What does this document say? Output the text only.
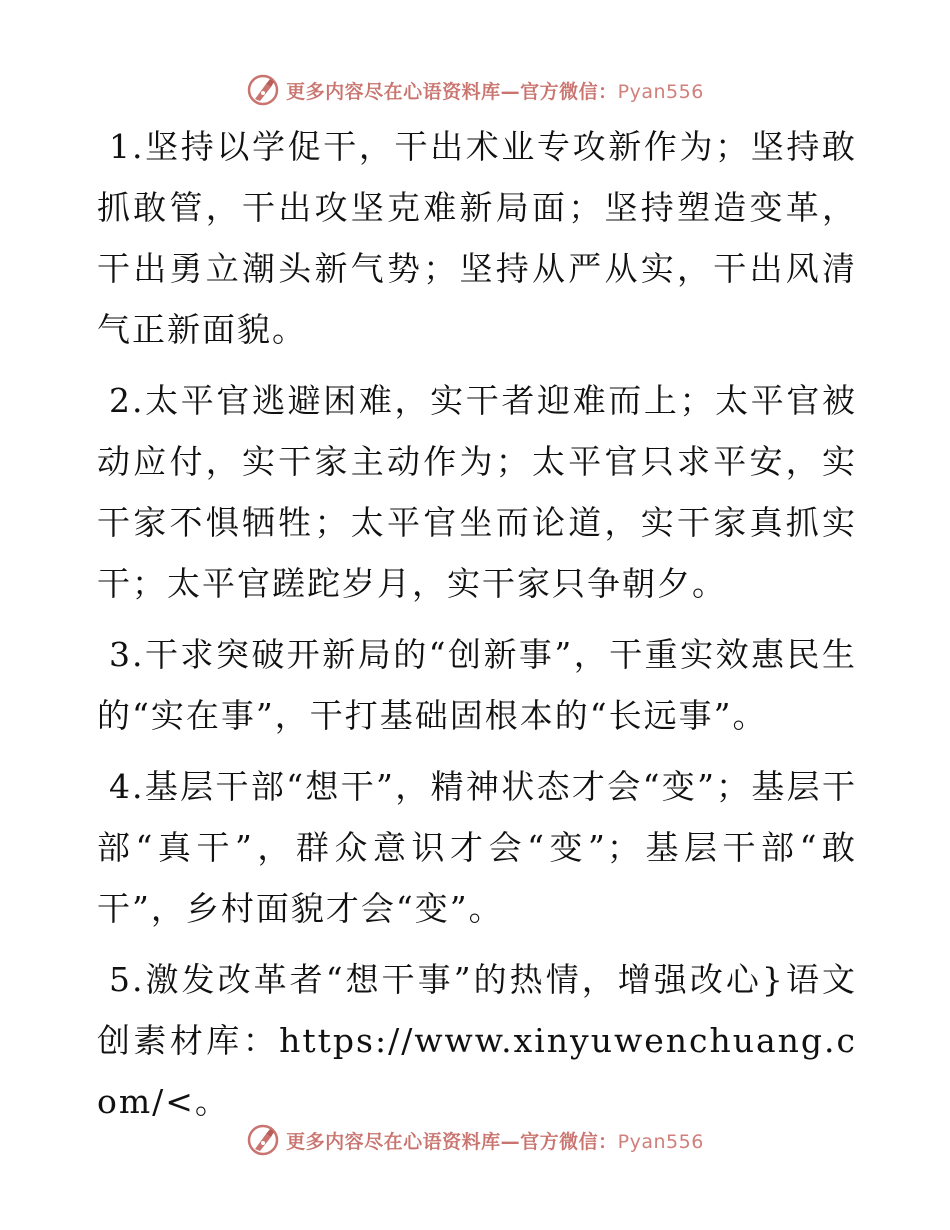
更多内容尽在心语资料库—官方微信：Pyan556

1.坚持以学促干，干出术业专攻新作为；坚持敢抓敢管，干出攻坚克难新局面；坚持塑造变革，干出勇立潮头新气势；坚持从严从实，干出风清气正新面貌。

2.太平官逃避困难，实干者迎难而上；太平官被动应付，实干家主动作为；太平官只求平安，实干家不惧牺牲；太平官坐而论道，实干家真抓实干；太平官蹉跎岁月，实干家只争朝夕。

3.干求突破开新局的“创新事”，干重实效惠民生的“实在事”，干打基础固根本的“长远事”。

4.基层干部“想干”，精神状态才会“变”；基层干部“真干”，群众意识才会“变”；基层干部“敢干”，乡村面貌才会“变”。

5.激发改革者“想干事”的热情，增强改心}语文创素材库：https://www.xinyuwenchuang.com/<。

更多内容尽在心语资料库—官方微信：Pyan556
